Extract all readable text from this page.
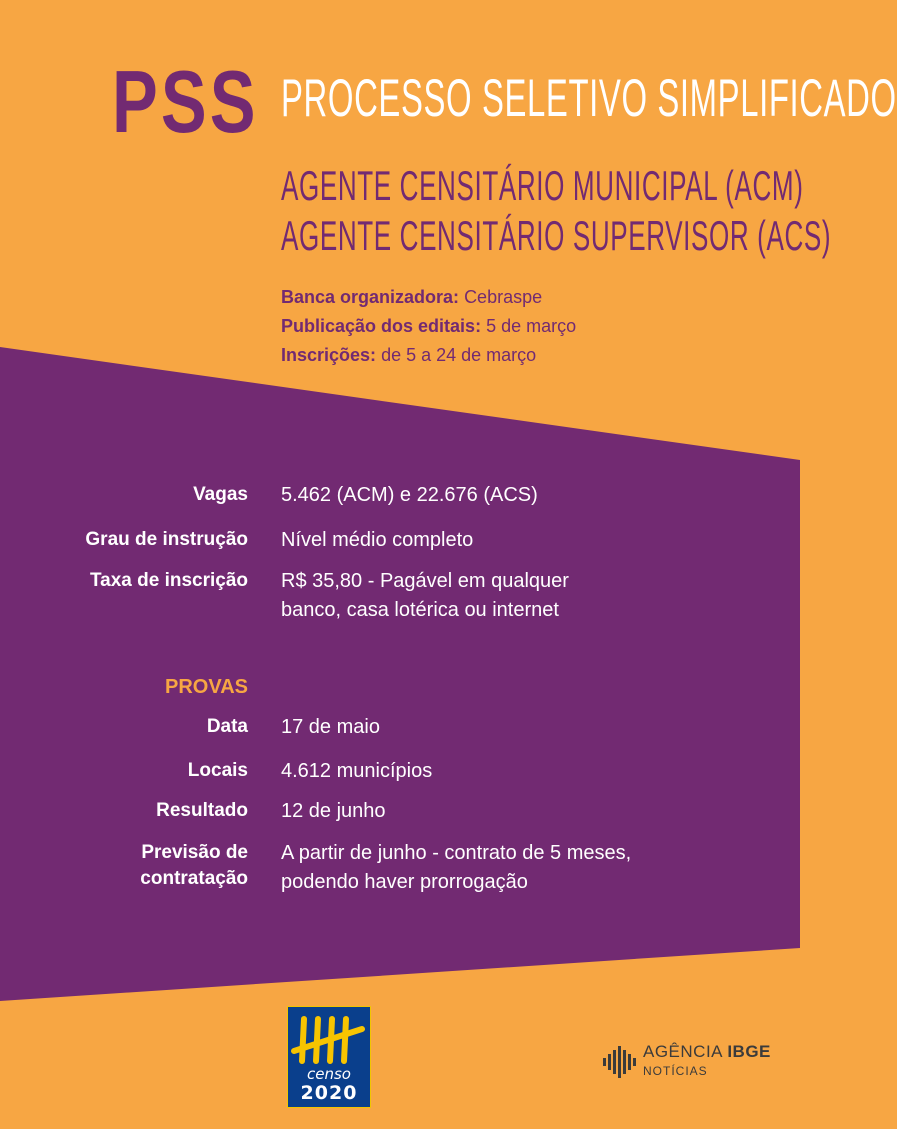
PSS PROCESSO SELETIVO SIMPLIFICADO
AGENTE CENSITÁRIO MUNICIPAL (ACM)
AGENTE CENSITÁRIO SUPERVISOR (ACS)
Banca organizadora: Cebraspe
Publicação dos editais: 5 de março
Inscrições: de 5 a 24 de março
Vagas 5.462 (ACM) e 22.676 (ACS)
Grau de instrução Nível médio completo
Taxa de inscrição R$ 35,80 - Pagável em qualquer banco, casa lotérica ou internet
PROVAS
Data 17 de maio
Locais 4.612 municípios
Resultado 12 de junho
Previsão de contratação
A partir de junho - contrato de 5 meses, podendo haver prorrogação
censo
2020
AGÊNCIA IBGE
NOTÍCIAS
